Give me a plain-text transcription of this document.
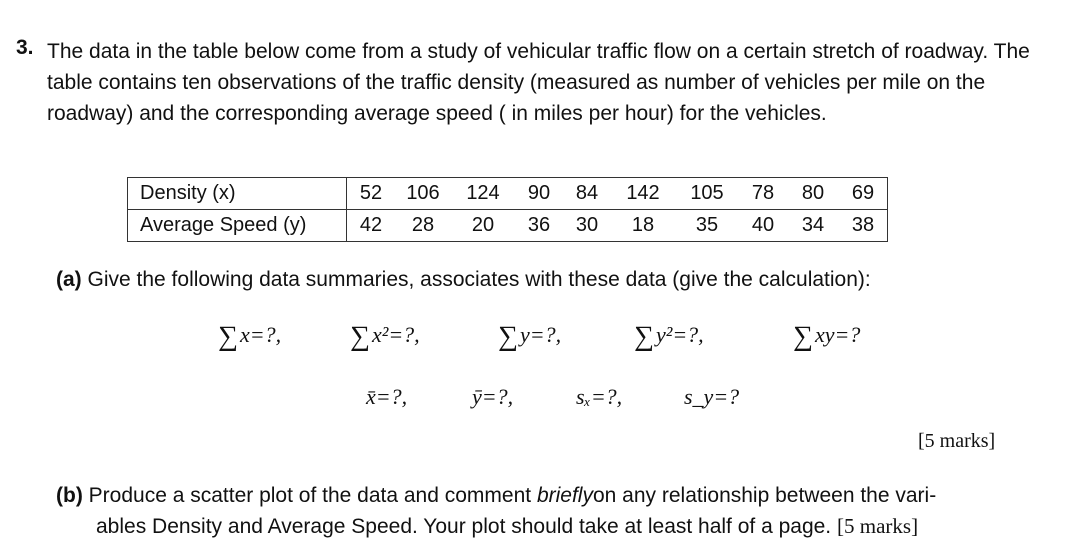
3. The data in the table below come from a study of vehicular traffic flow on a certain stretch of roadway. The table contains ten observations of the traffic density (measured as number of vehicles per mile on the roadway) and the corresponding average speed ( in miles per hour) for the vehicles.

Density (x)	52	106	124	90	84	142	105	78	80	69
Average Speed (y)	42	28	20	36	30	18	35	40	34	38
(a) Give the following data summaries, associates with these data (give the calculation):
∑x=?, ∑x²=?,	∑y=?,	∑y²=?,	∑xy=?
x̄=?,	ȳ=?,	sₓ=?,	s_y=?
[5 marks]
(b) Produce a scatter plot of the data and comment brieflyon any relationship between the vari-
ables Density and Average Speed. Your plot should take at least half of a page. [5 marks]
